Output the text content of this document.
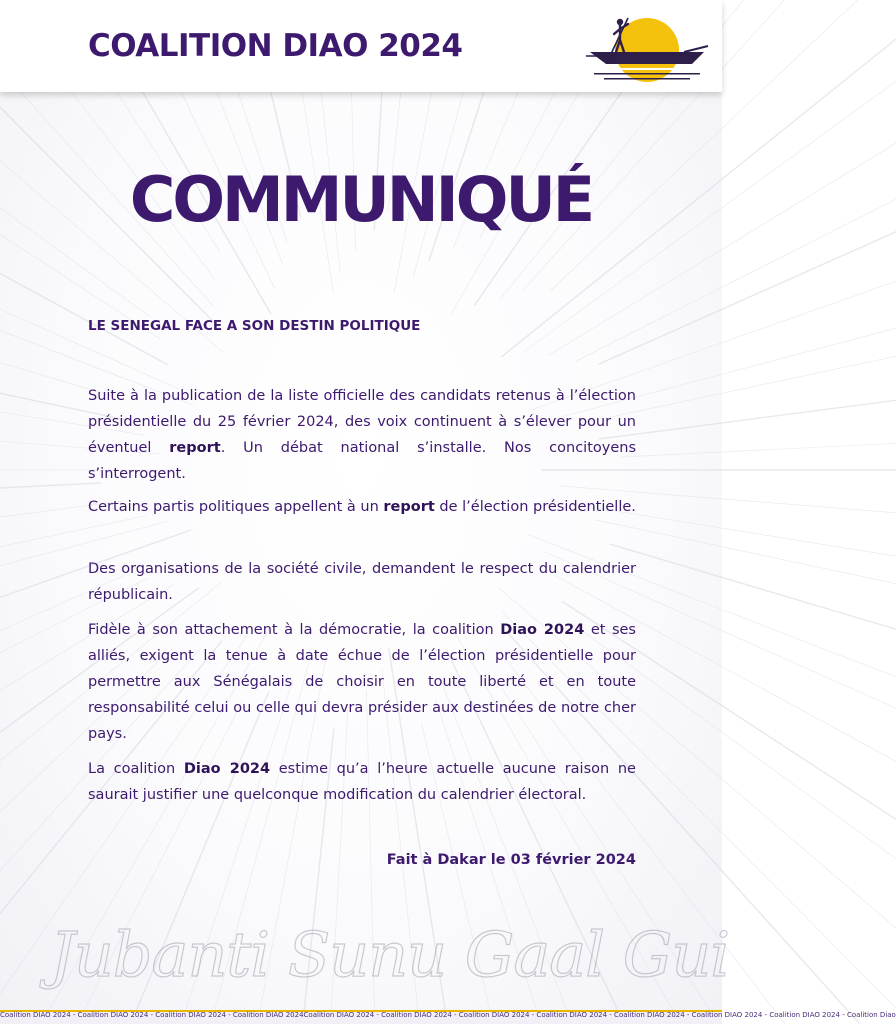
COALITION DIAO 2024
COMMUNIQUÉ
LE SENEGAL FACE A SON DESTIN POLITIQUE

Suite à la publication de la liste officielle des candidats retenus à l’élection présidentielle du 25 février 2024, des voix continuent à s’élever pour un éventuel report. Un débat national s’installe. Nos concitoyens s’interrogent.

Certains partis politiques appellent à un report de l’élection présidentielle.

Des organisations de la société civile, demandent le respect du calendrier républicain.

Fidèle à son attachement à la démocratie, la coalition Diao 2024 et ses alliés, exigent la tenue à date échue de l’élection présidentielle pour permettre aux Sénégalais de choisir en toute liberté et en toute responsabilité celui ou celle qui devra présider aux destinées de notre cher pays.

La coalition Diao 2024 estime qu’a l’heure actuelle aucune raison ne saurait justifier une quelconque modification du calendrier électoral.

Fait à Dakar le 03 février 2024
Jubanti Sunu Gaal Gui
Coalition DIAO 2024 - Coalition DIAO 2024 - Coalition DIAO 2024 - Coalition DIAO 2024Coalition DIAO 2024 - Coalition DIAO 2024 - Coalition DIAO 2024 - Coalition DIAO 2024 - Coalition DIAO 2024 - Coalition DIAO 2024 - Coalition DIAO 2024 - Coalition Diao
